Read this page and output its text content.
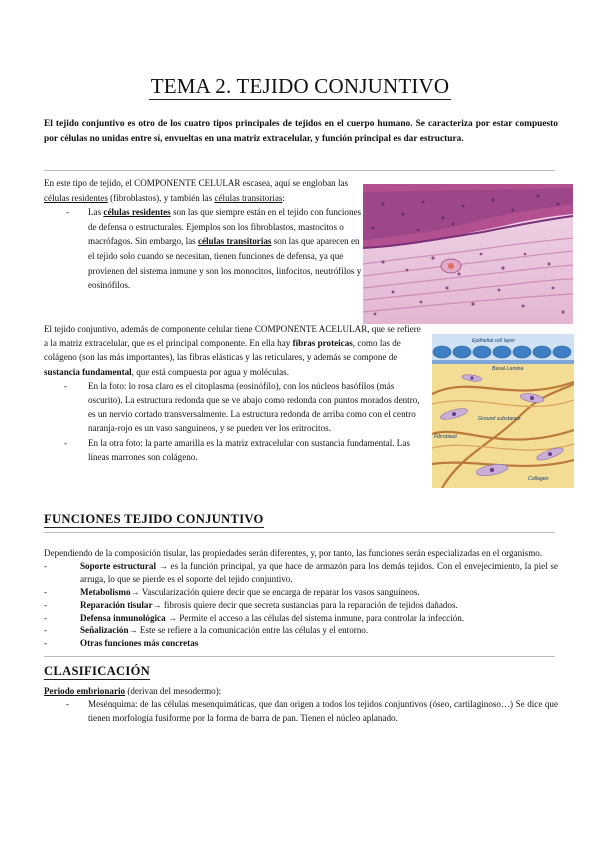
TEMA 2. TEJIDO CONJUNTIVO
El tejido conjuntivo es otro de los cuatro tipos principales de tejidos en el cuerpo humano. Se caracteriza por estar compuesto por células no unidas entre sí, envueltas en una matriz extracelular, y función principal es dar estructura.

En este tipo de tejido, el COMPONENTE CELULAR escasea, aquí se engloban las células residentes (fibroblastos), y también las células transitorias:

- Las células residentes son las que siempre están en el tejido con funciones de defensa o estructurales. Ejemplos son los fibroblastos, mastocitos o macrófagos. Sin embargo, las células transitorias son las que aparecen en el tejido solo cuando se necesitan, tienen funciones de defensa, ya que provienen del sistema inmune y son los monocitos, linfocitos, neutrófilos y eosinófilos.

El tejido conjuntivo, además de componente celular tiene COMPONENTE ACELULAR, que se refiere a la matriz extracelular, que es el principal componente. En ella hay fibras proteicas, como las de colágeno (son las más importantes), las fibras elásticas y las reticulares, y además se compone de sustancia fundamental, que está compuesta por agua y moléculas.

- En la foto: lo rosa claro es el citoplasma (eosinófilo), con los núcleos basófilos (más oscurito). La estructura redonda que se ve abajo como redonda con puntos morados dentro, es un nervio cortado transversalmente. La estructura redonda de arriba como con el centro naranja-rojo es un vaso sanguíneos, y se pueden ver los eritrocitos.

- En la otra foto: la parte amarilla es la matriz extracelular con sustancia fundamental. Las líneas marrones son colágeno.

Epithelial cell layer
Basal Lamina
Ground substance
Fibroblast
Collagen
FUNCIONES TEJIDO CONJUNTIVO

Dependiendo de la composición tisular, las propiedades serán diferentes, y, por tanto, las funciones serán especializadas en el organismo.

-	Soporte estructural → es la función principal, ya que hace de armazón para los demás tejidos. Con el envejecimiento, la piel se arruga, lo que se pierde es el soporte del tejido conjuntivo.

-	Metabolismo→ Vascularización quiere decir que se encarga de reparar los vasos sanguíneos.

-	Reparación tisular→ fibrosis quiere decir que secreta sustancias para la reparación de tejidos dañados.

-	Defensa inmunológica → Permite el acceso a las células del sistema inmune, para controlar la infección.

-	Señalización→ Este se refiere a la comunicación entre las células y el entorno.

-	Otras funciones más concretas

CLASIFICACIÓN

Periodo embrionario (derivan del mesodermo):

- Mesénquima: de las células mesenquimáticas, que dan origen a todos los tejidos conjuntivos (óseo, cartilaginoso…) Se dice que tienen morfología fusiforme por la forma de barra de pan. Tienen el núcleo aplanado.
